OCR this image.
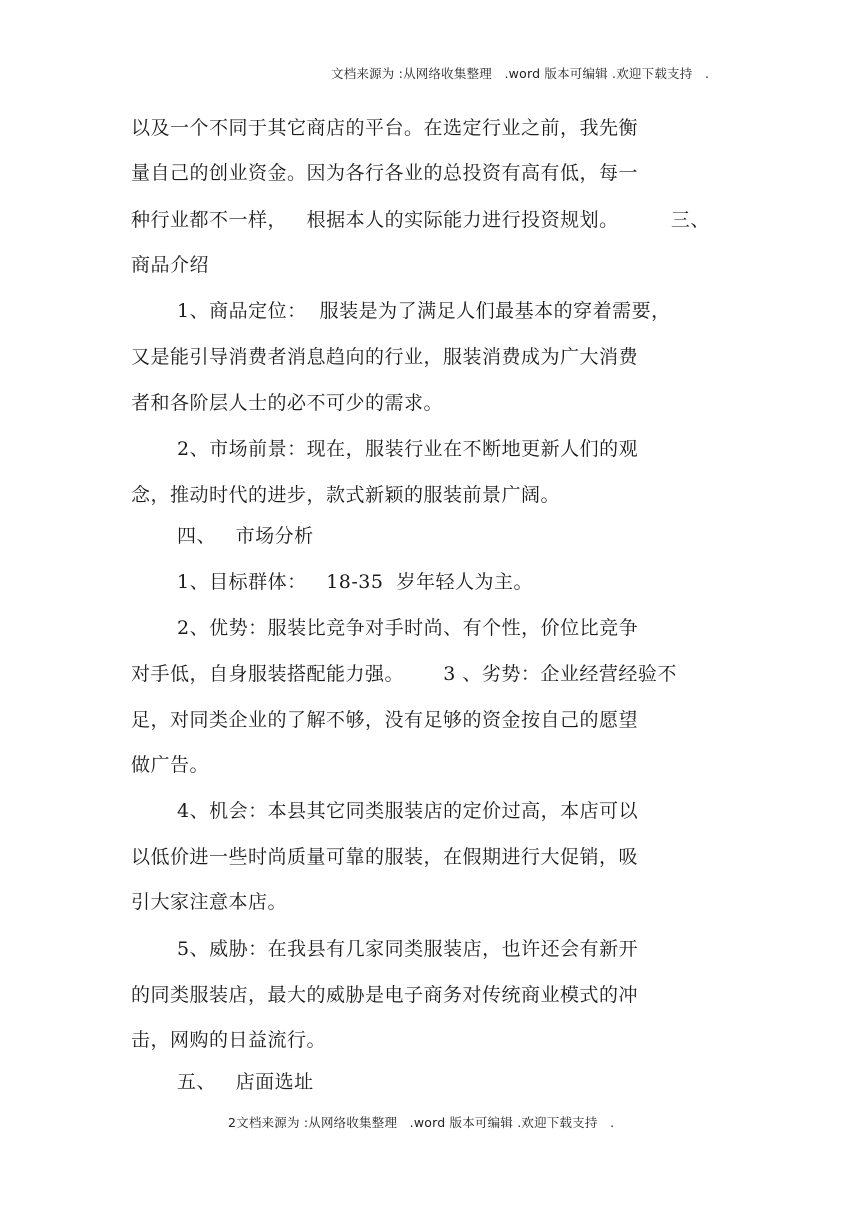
文档来源为 :从网络收集整理   .word 版本可编辑 .欢迎下载支持   .
以及一个不同于其它商店的平台。在选定行业之前，我先衡
量自己的创业资金。因为各行各业的总投资有高有低，每一
种行业都不一样，   根据本人的实际能力进行投资规划。        三、
商品介绍
1、商品定位：  服装是为了满足人们最基本的穿着需要，
又是能引导消费者消息趋向的行业，服装消费成为广大消费
者和各阶层人士的必不可少的需求。
2、市场前景：现在，服装行业在不断地更新人们的观
念，推动时代的进步，款式新颖的服装前景广阔。
四、   市场分析
1、目标群体：   18-35  岁年轻人为主。
2、优势：服装比竞争对手时尚、有个性，价位比竞争
对手低，自身服装搭配能力强。      3 、劣势：企业经营经验不
足，对同类企业的了解不够，没有足够的资金按自己的愿望
做广告。
4、机会：本县其它同类服装店的定价过高，本店可以
以低价进一些时尚质量可靠的服装，在假期进行大促销，吸
引大家注意本店。
5、威胁：在我县有几家同类服装店，也许还会有新开
的同类服装店，最大的威胁是电子商务对传统商业模式的冲
击，网购的日益流行。
五、   店面选址
2文档来源为 :从网络收集整理   .word 版本可编辑 .欢迎下载支持   .
